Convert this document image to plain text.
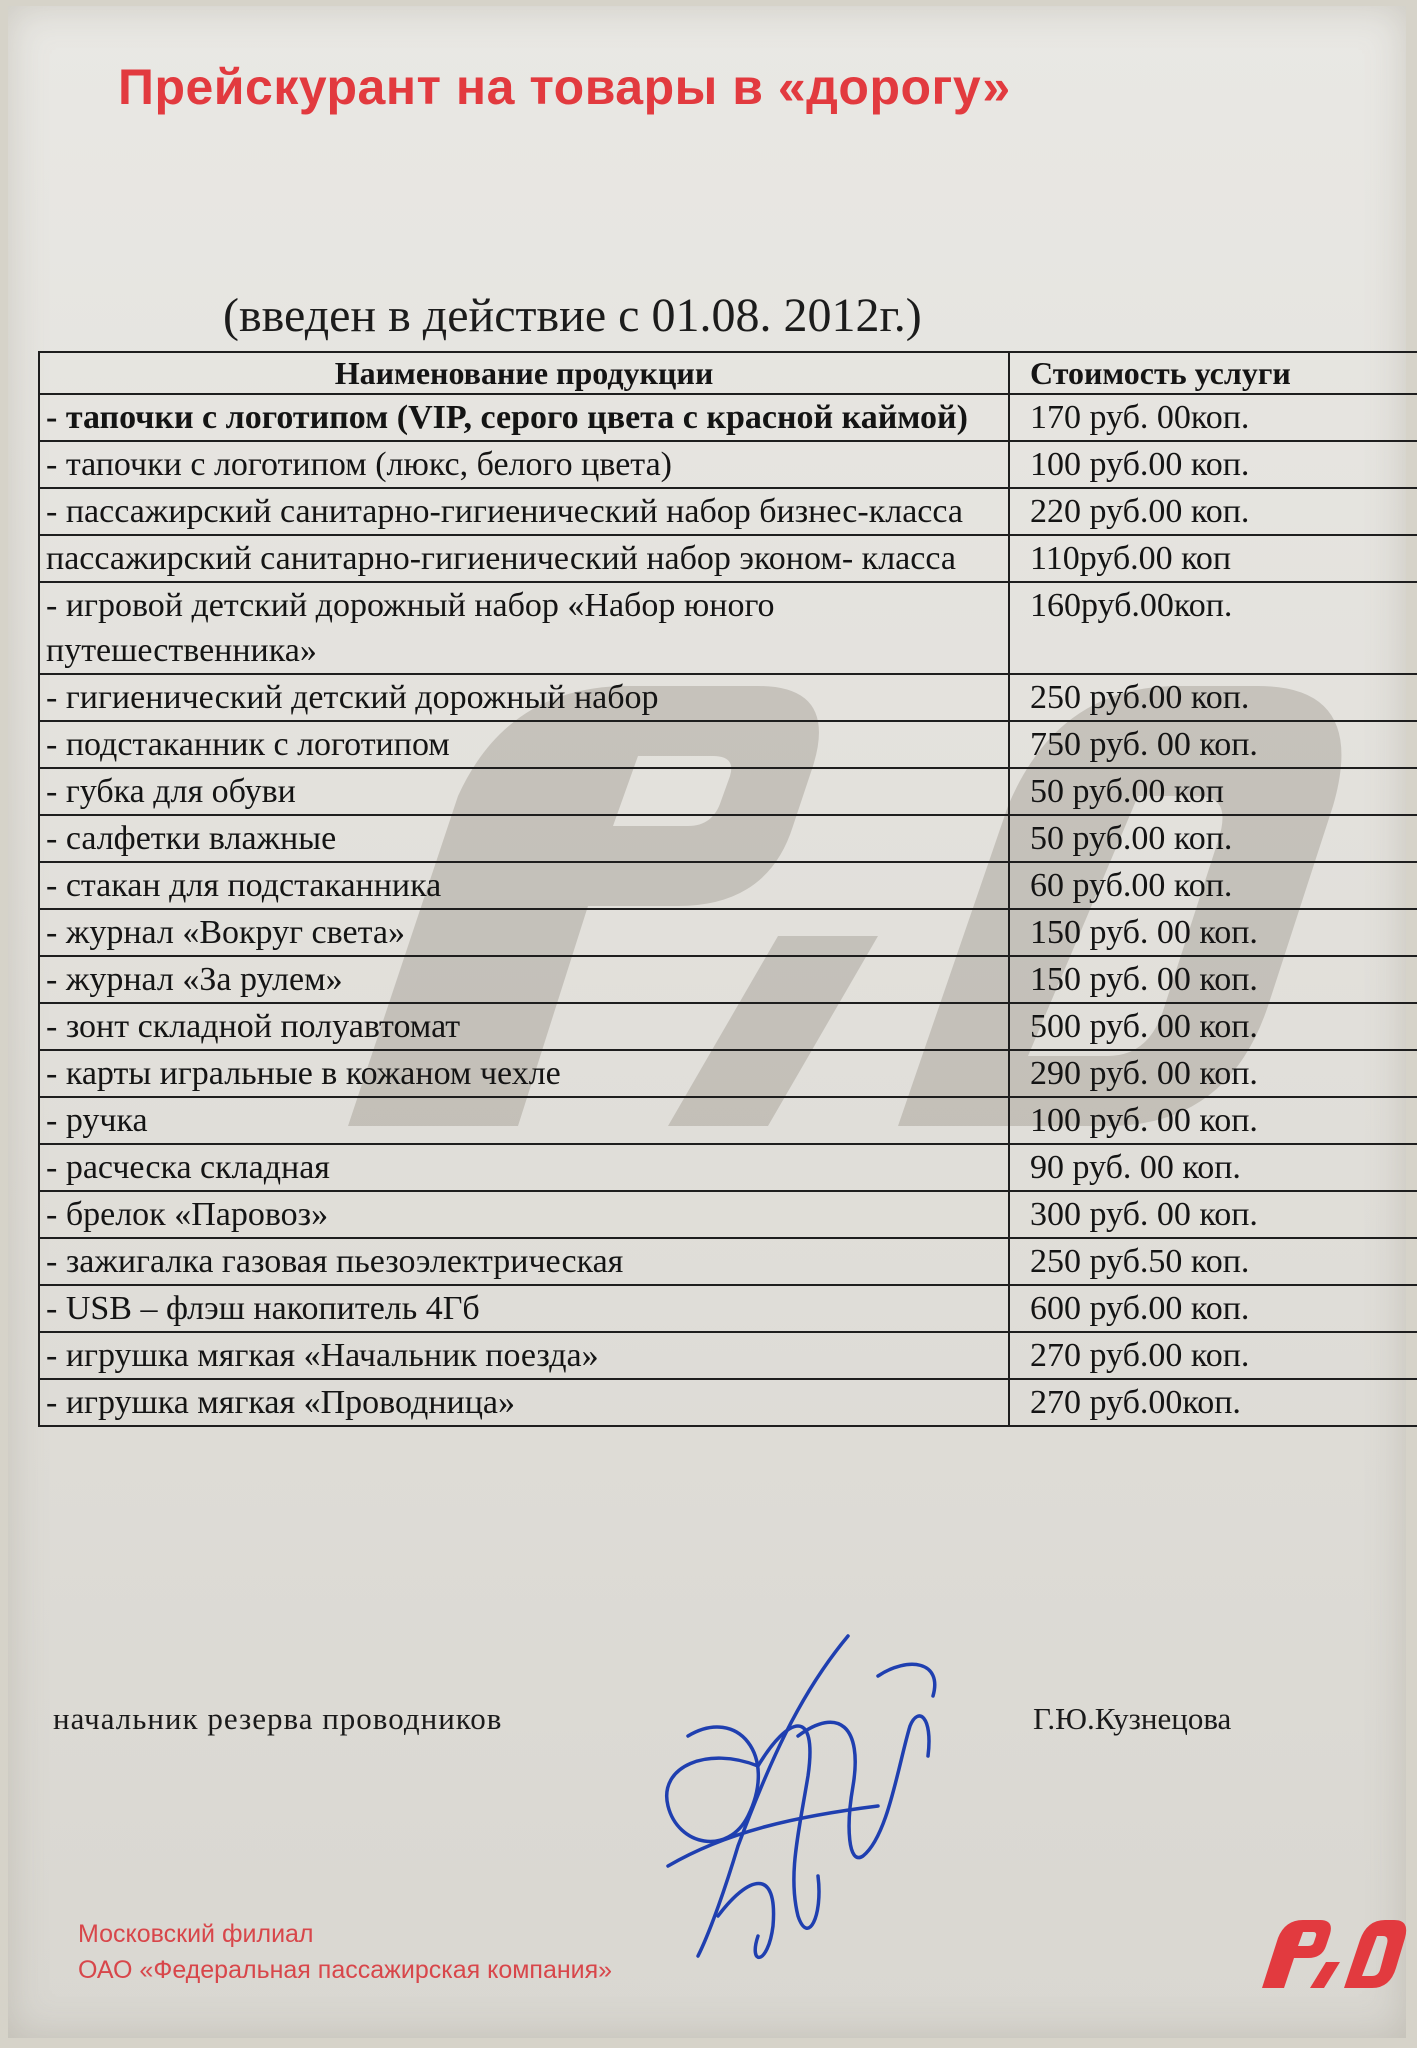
Прейскурант на товары в «дорогу»
(введен в действие с 01.08. 2012г.)
Наименование продукции	Стоимость услуги
- тапочки с логотипом (VIP, серого цвета с красной каймой)	170 руб. 00коп.
- тапочки с логотипом (люкс, белого цвета)	100 руб.00 коп.
- пассажирский санитарно-гигиенический набор бизнес-класса	220 руб.00 коп.
пассажирский санитарно-гигиенический набор эконом- класса	110руб.00 коп
- игровой детский дорожный набор «Набор юного путешественника»	160руб.00коп.
- гигиенический детский дорожный набор	250 руб.00 коп.
- подстаканник с логотипом	750 руб. 00 коп.
- губка для обуви	50 руб.00 коп
- салфетки влажные	50 руб.00 коп.
- стакан для подстаканника	60 руб.00 коп.
- журнал «Вокруг света»	150 руб. 00 коп.
- журнал «За рулем»	150 руб. 00 коп.
- зонт складной полуавтомат	500 руб. 00 коп.
- карты игральные в кожаном чехле	290 руб. 00 коп.
- ручка	100 руб. 00 коп.
- расческа складная	90 руб. 00 коп.
- брелок «Паровоз»	300 руб. 00 коп.
- зажигалка газовая пьезоэлектрическая	250 руб.50 коп.
- USB – флэш накопитель 4Гб	600 руб.00 коп.
- игрушка мягкая «Начальник поезда»	270 руб.00 коп.
- игрушка мягкая «Проводница»	270 руб.00коп.
начальник резерва проводников	Г.Ю.Кузнецова
Московский филиал
ОАО «Федеральная пассажирская компания»
